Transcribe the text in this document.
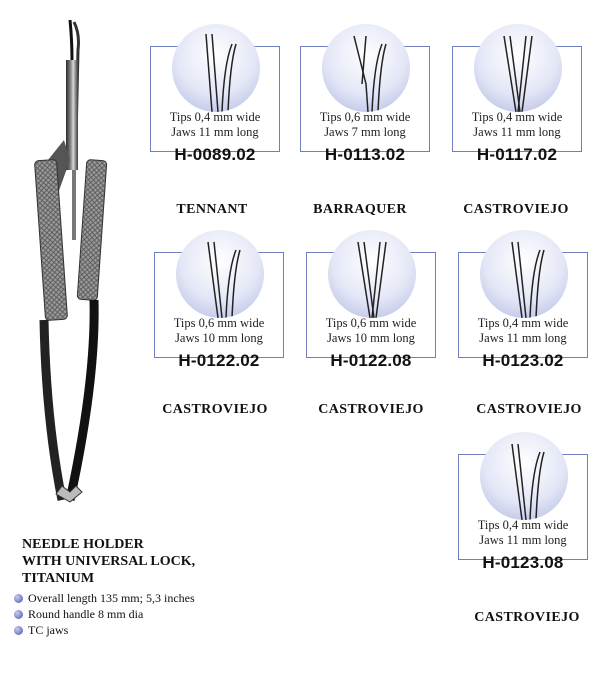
Tips 0,4 mm wide
Jaws 11 mm long
H-0089.02
Tips 0,6 mm wide
Jaws 7 mm long
H-0113.02
Tips 0,4 mm wide
Jaws 11 mm long
H-0117.02
Tips 0,6 mm wide
Jaws 10 mm long
H-0122.02
Tips 0,6 mm wide
Jaws 10 mm long
H-0122.08
Tips 0,4 mm wide
Jaws 11 mm long
H-0123.02
Tips 0,4 mm wide
Jaws 11 mm long
H-0123.08
TENNANT	BARRAQUER	CASTROVIEJO
CASTROVIEJO	CASTROVIEJO	CASTROVIEJO
CASTROVIEJO
NEEDLE HOLDER
WITH UNIVERSAL LOCK,
TITANIUM
Overall length 135 mm; 5,3 inches
Round handle 8 mm dia
TC jaws
